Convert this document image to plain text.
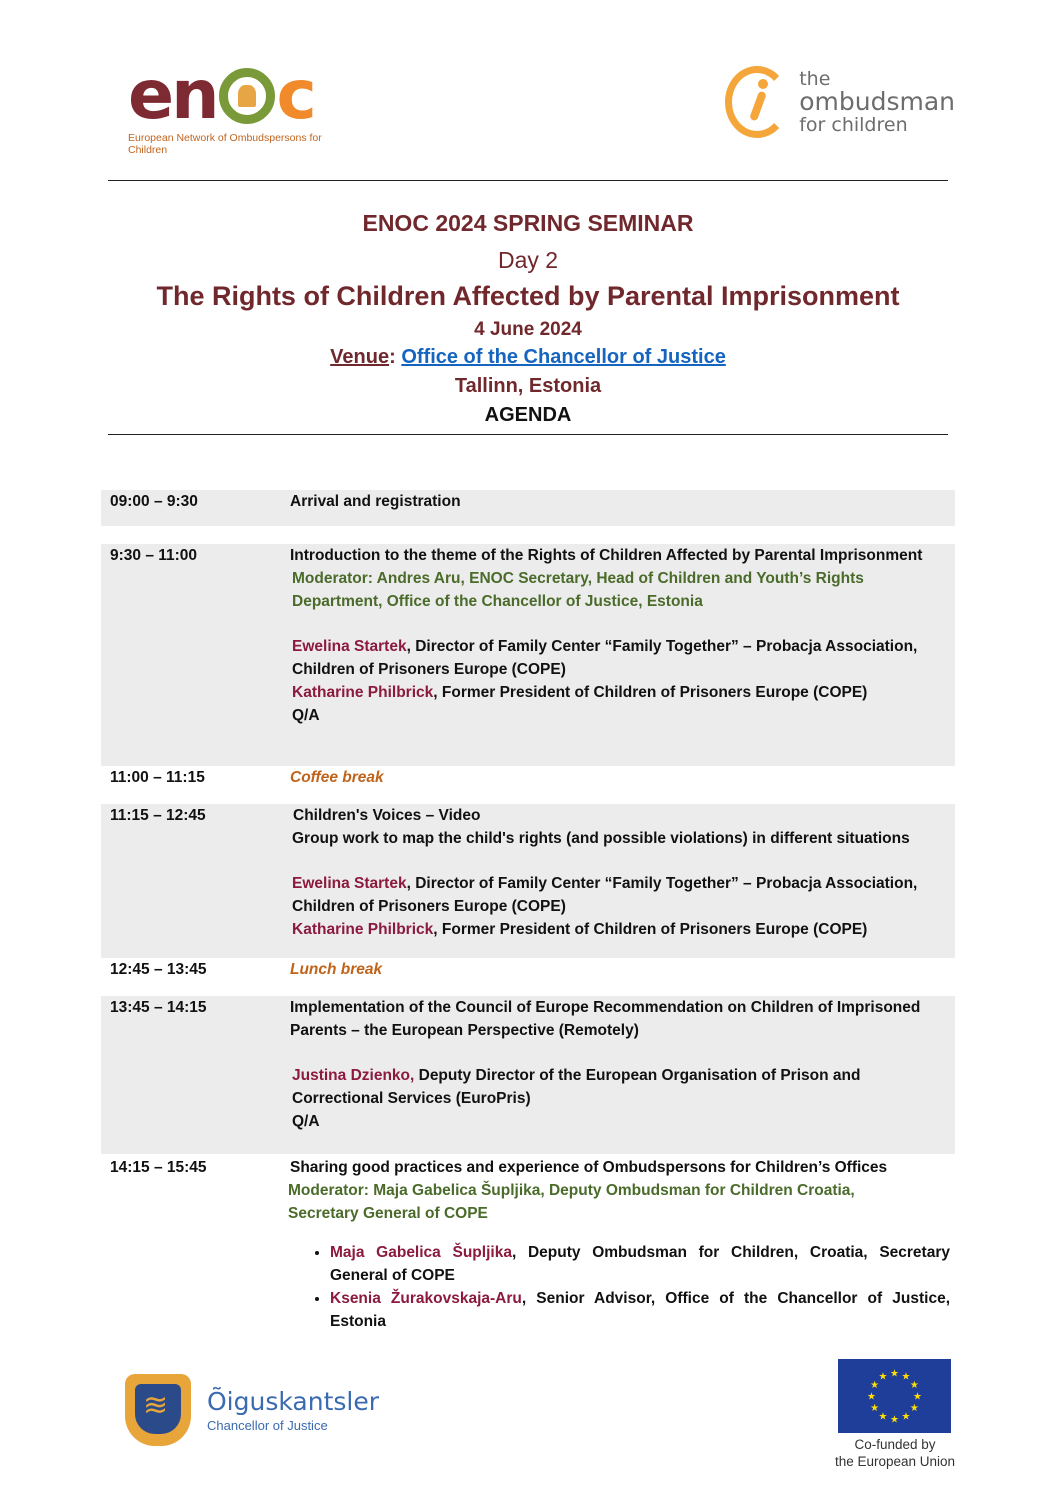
e n c
European Network of Ombudspersons for Children
the
ombudsman
for children
ENOC 2024 SPRING SEMINAR
Day 2
The Rights of Children Affected by Parental Imprisonment
4 June 2024
Venue: Office of the Chancellor of Justice
Tallinn, Estonia
AGENDA
09:00 – 9:30	Arrival and registration
9:30 – 11:00	Introduction to the theme of the Rights of Children Affected by Parental Imprisonment
Moderator: Andres Aru, ENOC Secretary, Head of Children and Youth’s Rights Department, Office of the Chancellor of Justice, Estonia
Ewelina Startek, Director of Family Center “Family Together” – Probacja Association, Children of Prisoners Europe (COPE)
Katharine Philbrick, Former President of Children of Prisoners Europe (COPE)
Q/A
11:00 – 11:15	Coffee break
11:15 – 12:45	Children's Voices – Video
Group work to map the child's rights (and possible violations) in different situations
Ewelina Startek, Director of Family Center “Family Together” – Probacja Association, Children of Prisoners Europe (COPE)
Katharine Philbrick, Former President of Children of Prisoners Europe (COPE)
12:45 – 13:45	Lunch break
13:45 – 14:15	Implementation of the Council of Europe Recommendation on Children of Imprisoned Parents – the European Perspective (Remotely)
Justina Dzienko, Deputy Director of the European Organisation of Prison and Correctional Services (EuroPris)
Q/A
14:15 – 15:45	Sharing good practices and experience of Ombudspersons for Children’s Offices
Moderator: Maja Gabelica Šupljika, Deputy Ombudsman for Children Croatia, Secretary General of COPE
• Maja Gabelica Šupljika, Deputy Ombudsman for Children, Croatia, Secretary General of COPE
• Ksenia Žurakovskaja-Aru, Senior Advisor, Office of the Chancellor of Justice, Estonia
≋
Õiguskantsler
Chancellor of Justice
★ ★
★
★
★
★
★
★
★
★
★
★
Co-funded by
the European Union
